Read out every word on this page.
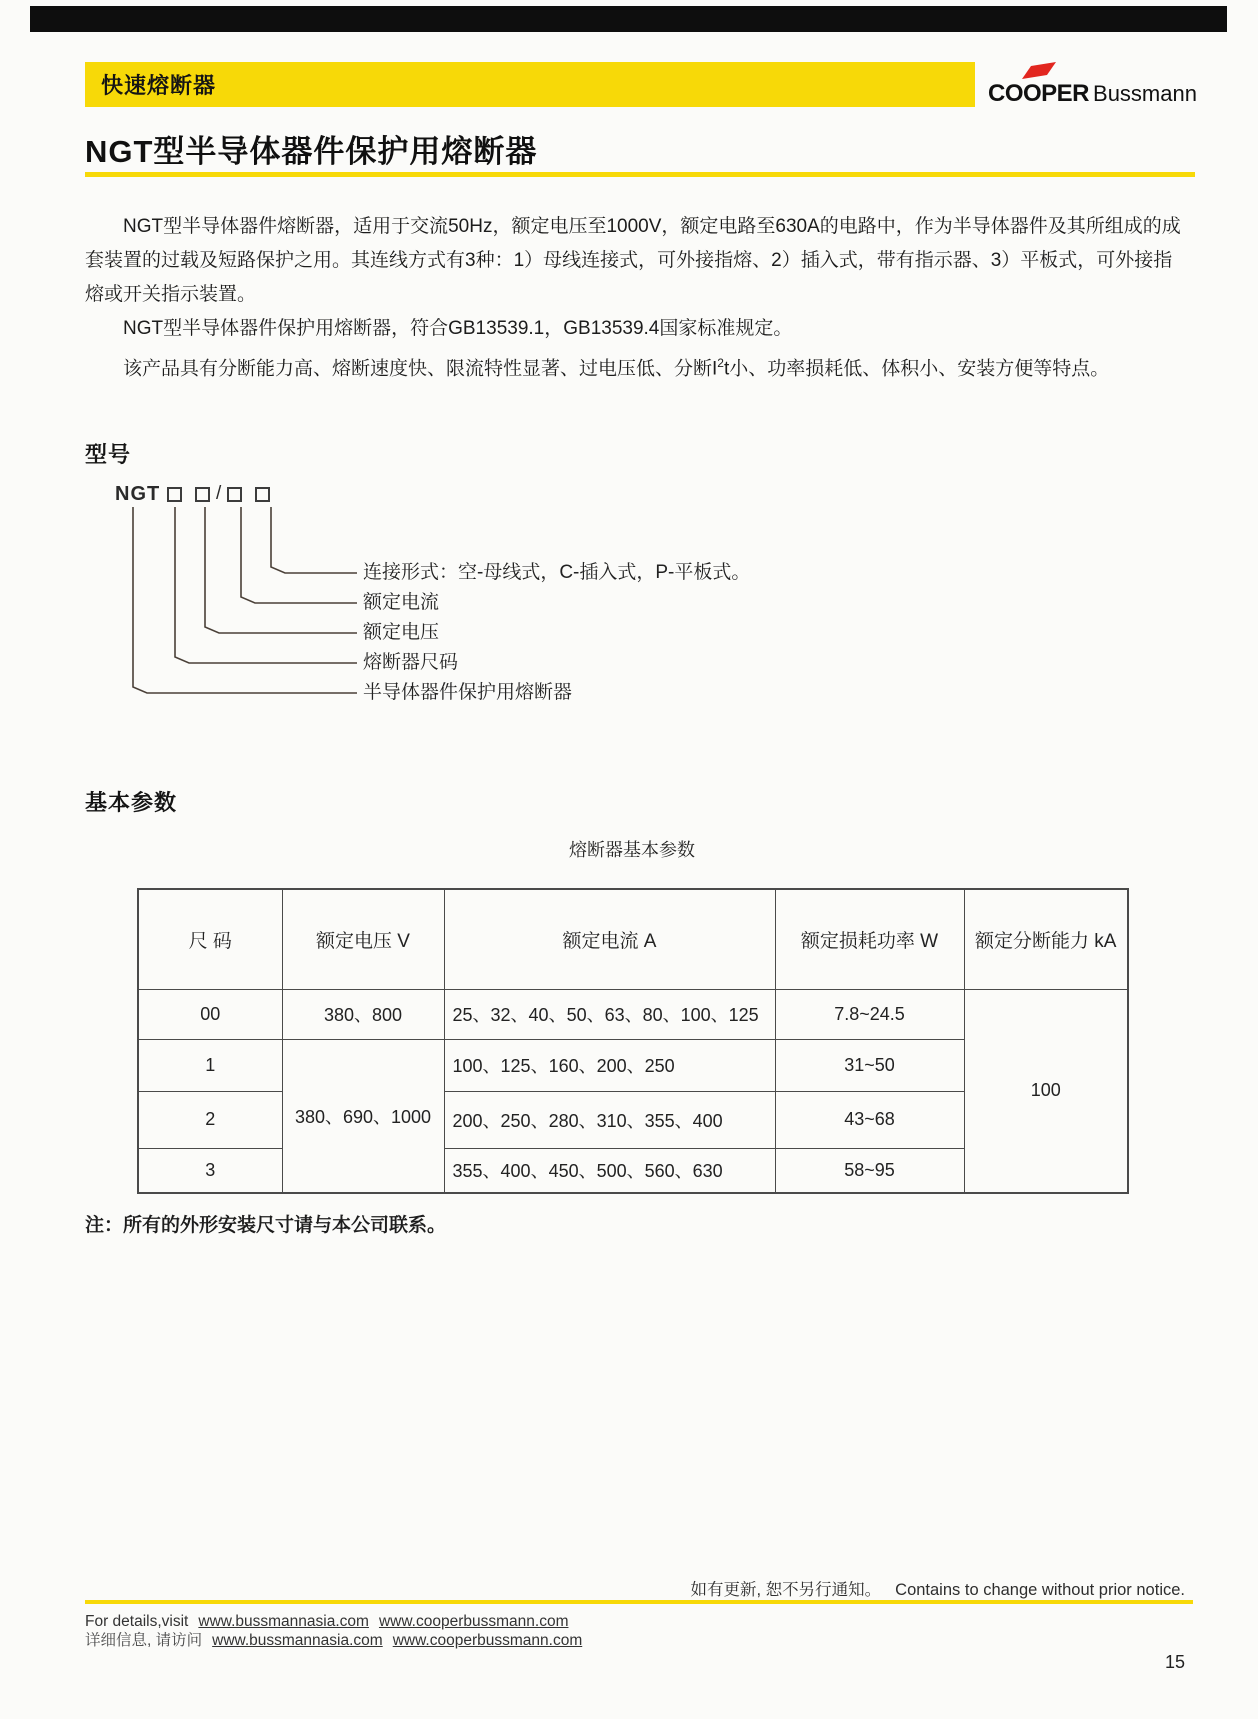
快速熔断器	COOPER Bussmann
NGT型半导体器件保护用熔断器

NGT型半导体器件熔断器，适用于交流50Hz，额定电压至1000V，额定电路至630A的电路中，作为半导体器件及其所组成的成套装置的过载及短路保护之用。其连线方式有3种：1）母线连接式，可外接指熔、2）插入式，带有指示器、3）平板式，可外接指熔或开关指示装置。

NGT型半导体器件保护用熔断器，符合GB13539.1，GB13539.4国家标准规定。

该产品具有分断能力高、熔断速度快、限流特性显著、过电压低、分断$I^2t$小、功率损耗低、体积小、安装方便等特点。

型号
NGT	/
连接形式：空-母线式，C-插入式，P-平板式。
额定电流
额定电压
熔断器尺码
半导体器件保护用熔断器
基本参数
熔断器基本参数
尺 码	额定电压 V	额定电流 A	额定损耗功率 W	额定分断能力 kA
00	380、800	25、32、40、50、63、80、100、125	7.8~24.5	100
1	380、690、1000	100、125、160、200、250	31~50	
2		200、250、280、310、355、400	43~68	
3		355、400、450、500、560、630	58~95	
注：所有的外形安装尺寸请与本公司联系。
如有更新, 恕不另行通知。 Contains to change without prior notice.
For details,visit www.bussmannasia.com www.cooperbussmann.com
详细信息, 请访问 www.bussmannasia.com www.cooperbussmann.com
15
